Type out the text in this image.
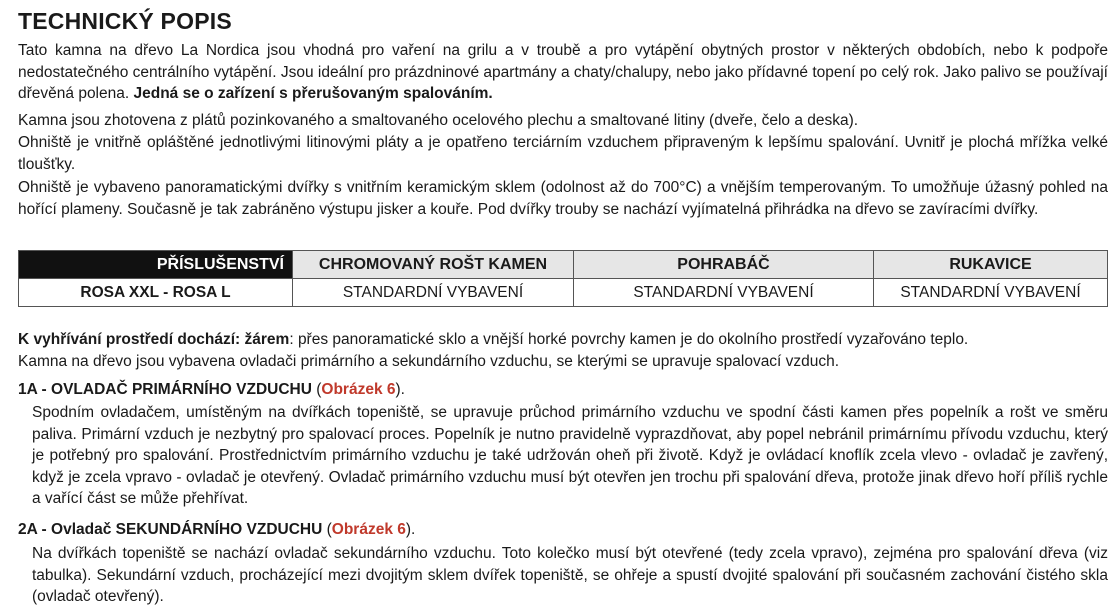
TECHNICKÝ POPIS
Tato kamna na dřevo La Nordica jsou vhodná pro vaření na grilu a v troubě a pro vytápění obytných prostor v některých obdobích, nebo k podpoře nedostatečného centrálního vytápění. Jsou ideální pro prázdninové apartmány a chaty/chalupy, nebo jako přídavné topení po celý rok. Jako palivo se používají dřevěná polena. Jedná se o zařízení s přerušovaným spalováním.
Kamna jsou zhotovena z plátů pozinkovaného a smaltovaného ocelového plechu a smaltované litiny (dveře, čelo a deska).
Ohniště je vnitřně opláštěné jednotlivými litinovými pláty a je opatřeno terciárním vzduchem připraveným k lepšímu spalování. Uvnitř je plochá mřížka velké tloušťky.
Ohniště je vybaveno panoramatickými dvířky s vnitřním keramickým sklem (odolnost až do 700°C) a vnějším temperovaným. To umožňuje úžasný pohled na hořící plameny. Současně je tak zabráněno výstupu jisker a kouře. Pod dvířky trouby se nachází vyjímatelná přihrádka na dřevo se zavíracími dvířky.
PŘÍSLUŠENSTVÍ	CHROMOVANÝ ROŠT KAMEN	POHRABÁČ	RUKAVICE
ROSA XXL - ROSA L	STANDARDNÍ VYBAVENÍ	STANDARDNÍ VYBAVENÍ	STANDARDNÍ VYBAVENÍ
K vyhřívání prostředí dochází: žárem: přes panoramatické sklo a vnější horké povrchy kamen je do okolního prostředí vyzařováno teplo.
Kamna na dřevo jsou vybavena ovladači primárního a sekundárního vzduchu, se kterými se upravuje spalovací vzduch.
1A - OVLADAČ PRIMÁRNÍHO VZDUCHU (Obrázek 6).
Spodním ovladačem, umístěným na dvířkách topeniště, se upravuje průchod primárního vzduchu ve spodní části kamen přes popelník a rošt ve směru paliva. Primární vzduch je nezbytný pro spalovací proces. Popelník je nutno pravidelně vyprazdňovat, aby popel nebránil primárnímu přívodu vzduchu, který je potřebný pro spalování. Prostřednictvím primárního vzduchu je také udržován oheň při životě. Když je ovládací knoflík zcela vlevo - ovladač je zavřený, když je zcela vpravo - ovladač je otevřený. Ovladač primárního vzduchu musí být otevřen jen trochu při spalování dřeva, protože jinak dřevo hoří příliš rychle a vařící část se může přehřívat.
2A - Ovladač SEKUNDÁRNÍHO VZDUCHU (Obrázek 6).
Na dvířkách topeniště se nachází ovladač sekundárního vzduchu. Toto kolečko musí být otevřené (tedy zcela vpravo), zejména pro spalování dřeva (viz tabulka). Sekundární vzduch, procházející mezi dvojitým sklem dvířek topeniště, se ohřeje a spustí dvojité spalování při současném zachování čistého skla (ovladač otevřený).
